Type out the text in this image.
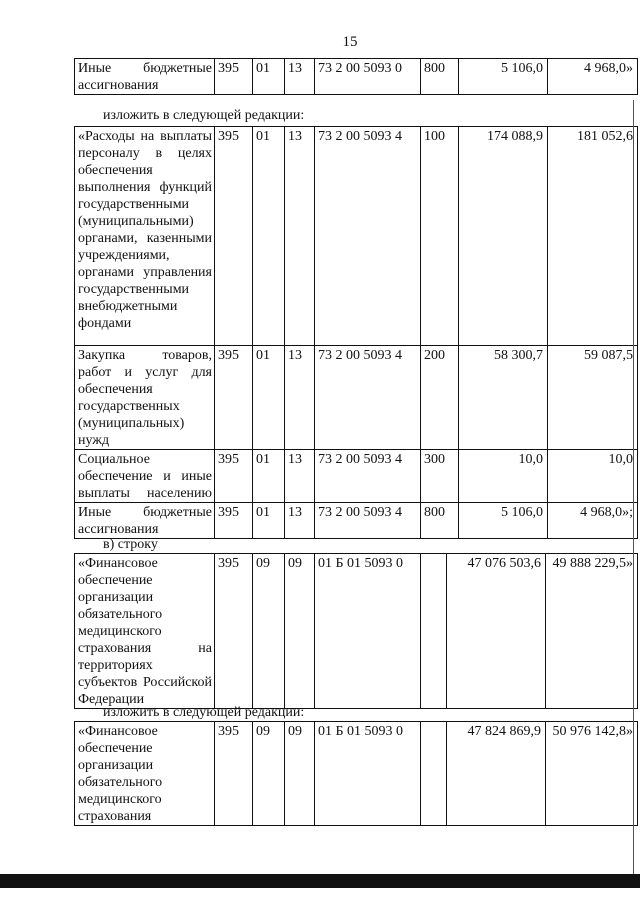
15
Иные бюджетные ассигнования	395	01	13	73 2 00 5093 0	800	5 106,0	4 968,0»
изложить в следующей редакции:
«Расходы на выплаты персоналу в целях обеспечения выполнения функций государственными (муниципальными) органами, казенными учреждениями, органами управления государственными внебюджетными фондами	395	01	13	73 2 00 5093 4	100	174 088,9	181 052,6
Закупка товаров, работ и услуг для обеспечения государственных (муниципальных) нужд	395	01	13	73 2 00 5093 4	200	58 300,7	59 087,5
Социальное обеспечение и иные выплаты населению	395	01	13	73 2 00 5093 4	300	10,0	10,0
Иные бюджетные ассигнования	395	01	13	73 2 00 5093 4	800	5 106,0	4 968,0»;
в) строку
«Финансовое обеспечение организации обязательного медицинского страхования на территориях субъектов Российской Федерации	395	09	09	01 Б 01 5093 0		47 076 503,6	49 888 229,5»
изложить в следующей редакции:
«Финансовое обеспечение организации обязательного медицинского страхования	395	09	09	01 Б 01 5093 0		47 824 869,9	50 976 142,8»
